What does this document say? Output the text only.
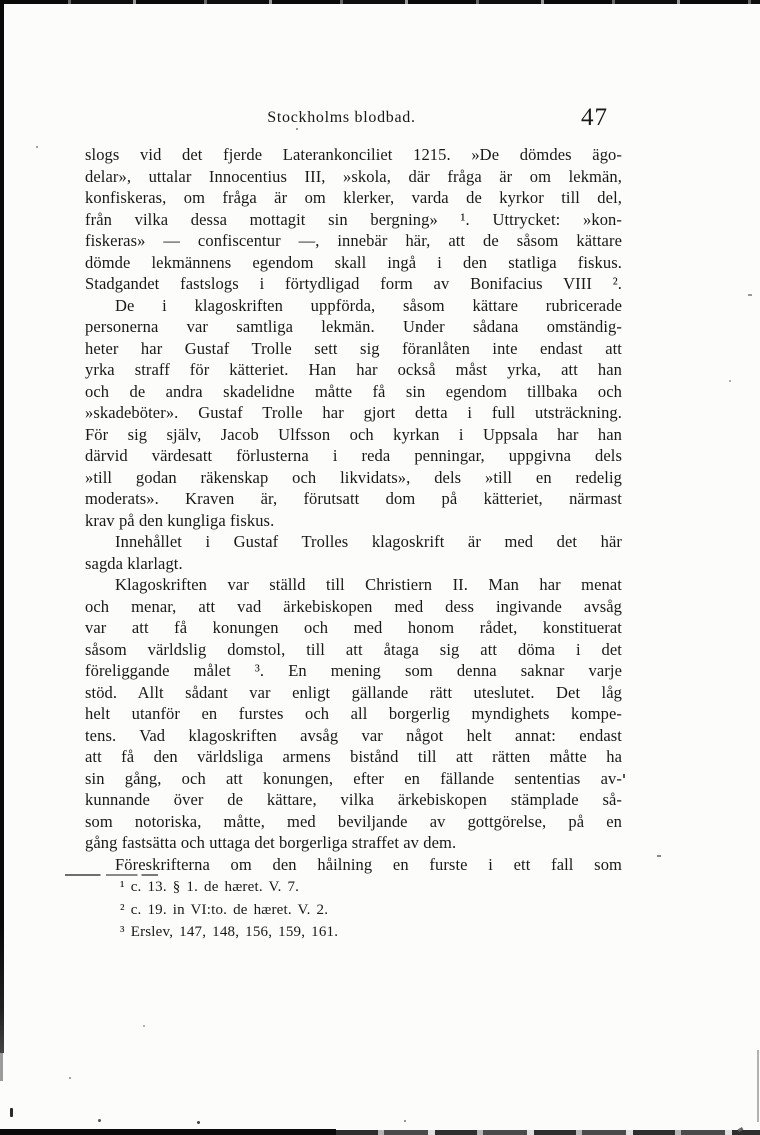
Stockholms blodbad.	47
slogs vid det fjerde Laterankonciliet 1215. »De dömdes ägo-
delar», uttalar Innocentius III, »skola, där fråga är om lekmän,
konfiskeras, om fråga är om klerker, varda de kyrkor till del,
från vilka dessa mottagit sin bergning» ¹. Uttrycket: »kon-
fiskeras» — confiscentur —, innebär här, att de såsom kättare
dömde lekmännens egendom skall ingå i den statliga fiskus.
Stadgandet fastslogs i förtydligad form av Bonifacius VIII ².
De i klagoskriften uppförda, såsom kättare rubricerade
personerna var samtliga lekmän. Under sådana omständig-
heter har Gustaf Trolle sett sig föranlåten inte endast att
yrka straff för kätteriet. Han har också måst yrka, att han
och de andra skadelidne måtte få sin egendom tillbaka och
»skadeböter». Gustaf Trolle har gjort detta i full utsträckning.
För sig själv, Jacob Ulfsson och kyrkan i Uppsala har han
därvid värdesatt förlusterna i reda penningar, uppgivna dels
»till godan räkenskap och likvidats», dels »till en redelig
moderats». Kraven är, förutsatt dom på kätteriet, närmast
krav på den kungliga fiskus.
Innehållet i Gustaf Trolles klagoskrift är med det här
sagda klarlagt.
Klagoskriften var ställd till Christiern II. Man har menat
och menar, att vad ärkebiskopen med dess ingivande avsåg
var att få konungen och med honom rådet, konstituerat
såsom världslig domstol, till att åtaga sig att döma i det
föreliggande målet ³. En mening som denna saknar varje
stöd. Allt sådant var enligt gällande rätt uteslutet. Det låg
helt utanför en furstes och all borgerlig myndighets kompe-
tens. Vad klagoskriften avsåg var något helt annat: endast
att få den världsliga armens bistånd till att rätten måtte ha
sin gång, och att konungen, efter en fällande sententias av-
kunnande över de kättare, vilka ärkebiskopen stämplade så-
som notoriska, måtte, med beviljande av gottgörelse, på en
gång fastsätta och uttaga det borgerliga straffet av dem.
Föreskrifterna om den håilning en furste i ett fall som
¹ c. 13. § 1. de hæret. V. 7.
² c. 19. in VI:to. de hæret. V. 2.
³ Erslev, 147, 148, 156, 159, 161.
